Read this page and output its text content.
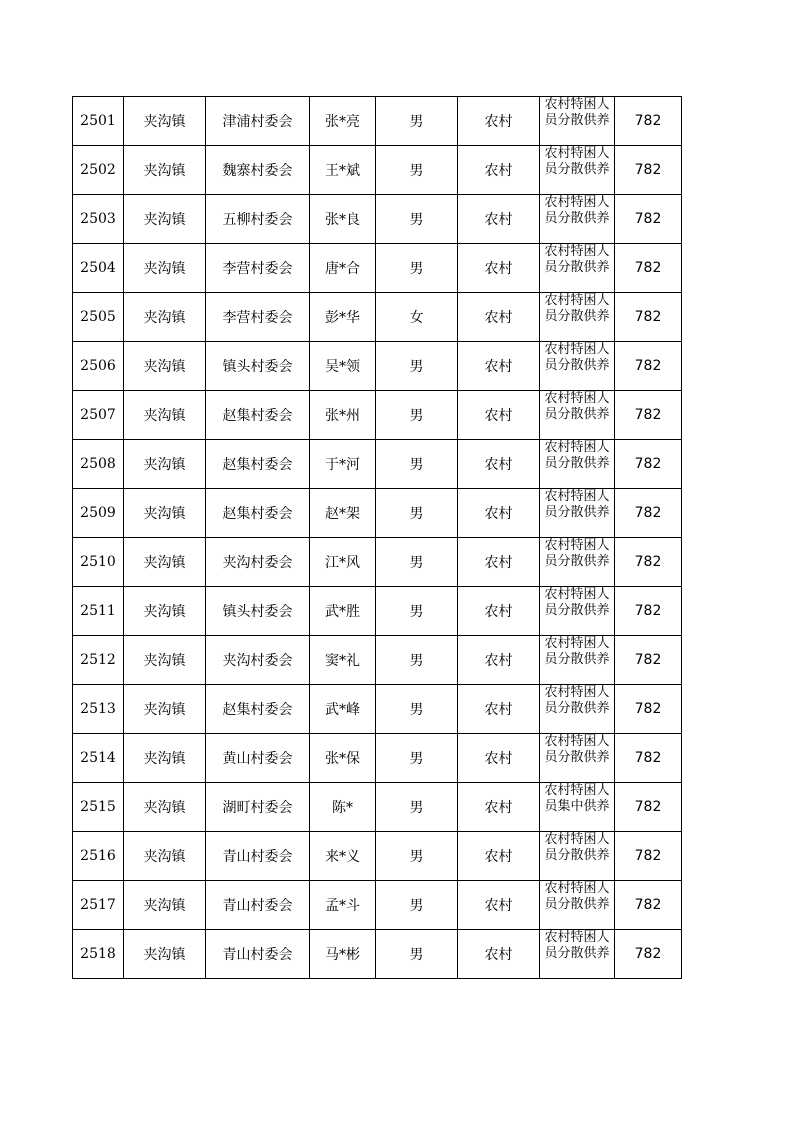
2501	夹沟镇	津浦村委会	张*亮	男	农村	农村特困人员分散供养	782
2502	夹沟镇	魏寨村委会	王*斌	男	农村	农村特困人员分散供养	782
2503	夹沟镇	五柳村委会	张*良	男	农村	农村特困人员分散供养	782
2504	夹沟镇	李营村委会	唐*合	男	农村	农村特困人员分散供养	782
2505	夹沟镇	李营村委会	彭*华	女	农村	农村特困人员分散供养	782
2506	夹沟镇	镇头村委会	吴*领	男	农村	农村特困人员分散供养	782
2507	夹沟镇	赵集村委会	张*州	男	农村	农村特困人员分散供养	782
2508	夹沟镇	赵集村委会	于*河	男	农村	农村特困人员分散供养	782
2509	夹沟镇	赵集村委会	赵*架	男	农村	农村特困人员分散供养	782
2510	夹沟镇	夹沟村委会	江*风	男	农村	农村特困人员分散供养	782
2511	夹沟镇	镇头村委会	武*胜	男	农村	农村特困人员分散供养	782
2512	夹沟镇	夹沟村委会	窦*礼	男	农村	农村特困人员分散供养	782
2513	夹沟镇	赵集村委会	武*峰	男	农村	农村特困人员分散供养	782
2514	夹沟镇	黄山村委会	张*保	男	农村	农村特困人员分散供养	782
2515	夹沟镇	湖町村委会	陈*	男	农村	农村特困人员集中供养	782
2516	夹沟镇	青山村委会	来*义	男	农村	农村特困人员分散供养	782
2517	夹沟镇	青山村委会	孟*斗	男	农村	农村特困人员分散供养	782
2518	夹沟镇	青山村委会	马*彬	男	农村	农村特困人员分散供养	782
